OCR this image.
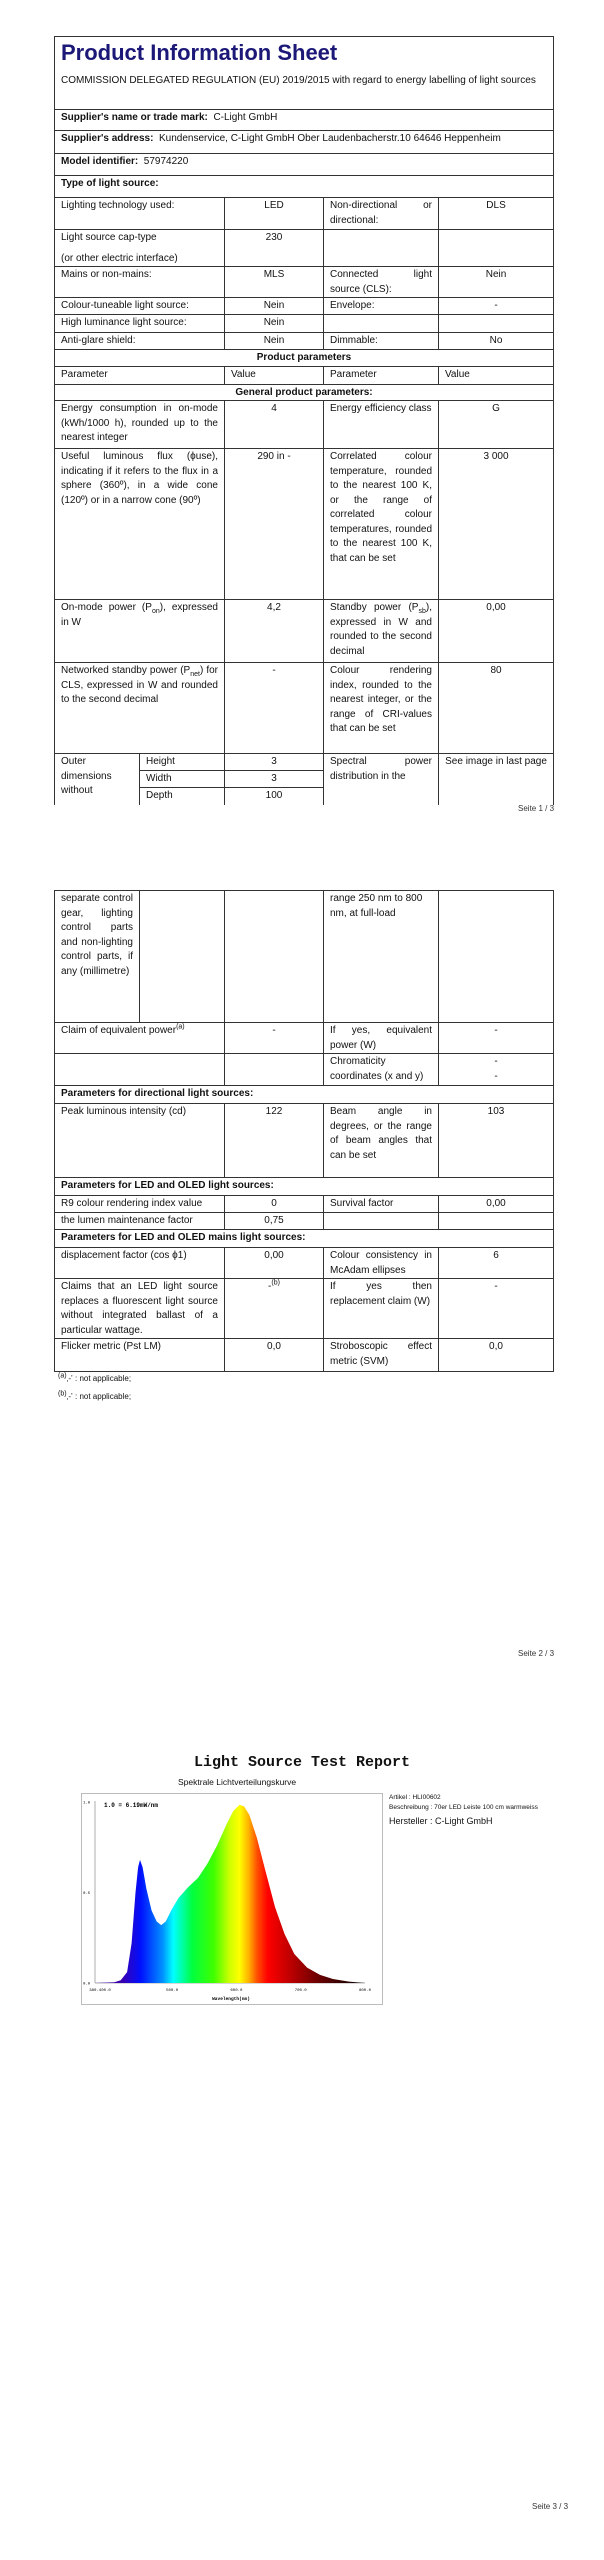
Product Information Sheet
COMMISSION DELEGATED REGULATION (EU) 2019/2015 with regard to energy labelling of light sources				

Supplier's name or trade mark: C-Light GmbH				
Supplier's address: Kundenservice, C-Light GmbH Ober Laudenbacherstr.10 64646 Heppenheim				
Model identifier: 57974220				
Type of light source:				
Lighting technology used:		LED	Non-directional or directional:	DLS

Light source cap-type
(or other electric interface)		230		
Mains or non-mains:		MLS	Connected light source (CLS):	Nein
Colour-tuneable light source:		Nein	Envelope:	-
High luminance light source:		Nein		
Anti-glare shield:		Nein	Dimmable:	No
Product parameters				
Parameter		Value	Parameter	Value
General product parameters:				
Energy consumption in on-mode (kWh/1000 h), rounded up to the nearest integer		4	Energy efficiency class	G
Useful luminous flux (ϕuse), indicating if it refers to the flux in a sphere (360º), in a wide cone (120º) or in a narrow cone (90º)		290 in -	Correlated colour temperature, rounded to the nearest 100 K, or the range of correlated colour temperatures, rounded to the nearest 100 K, that can be set	3 000
On-mode power $(P_{on})$, expressed in W		4,2	Standby power $(P_{sb})$, expressed in W and rounded to the second decimal	0,00
Networked standby power $(P_{net})$ for CLS, expressed in W and rounded to the second decimal		-	Colour rendering index, rounded to the nearest integer, or the range of CRI-values that can be set	80
Outer dimensions without	Height	3	Spectral power distribution in the	See image in last page
	Width	3		
	Depth	100		
Seite 1 / 3
separate control gear, lighting control parts and non-lighting control parts, if any (millimetre)			range 250 nm to 800 nm, at full-load	
Claim of equivalent power$^{(a)}$		-	If yes, equivalent power (W)	-
			Chromaticity coordinates (x and y)	-
-

Parameters for directional light sources:				
Peak luminous intensity (cd)		122	Beam angle in degrees, or the range of beam angles that can be set	103
Parameters for LED and OLED light sources:				
R9 colour rendering index value		0	Survival factor	0,00
the lumen maintenance factor		0,75		
Parameters for LED and OLED mains light sources:				
displacement factor (cos ϕ1)		0,00	Colour consistency in McAdam ellipses	6
Claims that an LED light source replaces a fluorescent light source without integrated ballast of a particular wattage.		-$^{(b)}$	If yes then replacement claim (W)	-
Flicker metric (Pst LM)		0,0	Stroboscopic effect metric (SVM)	0,0
$^{(a)}$‚-‛ : not applicable;
$^{(b)}$‚-‛ : not applicable;
Seite 2 / 3
Light Source Test Report
Spektrale Lichtverteilungskurve
Artikel : HLI00602
Beschreibung : 70er LED Leiste 100 cm warmweiss
Hersteller : C-Light GmbH
0.0
0.5
1.0
380.400.0	500.0	600.0	700.0	800.0
1.0 = 6.19mW/nm
Wavelength(nm)
Seite 3 / 3
